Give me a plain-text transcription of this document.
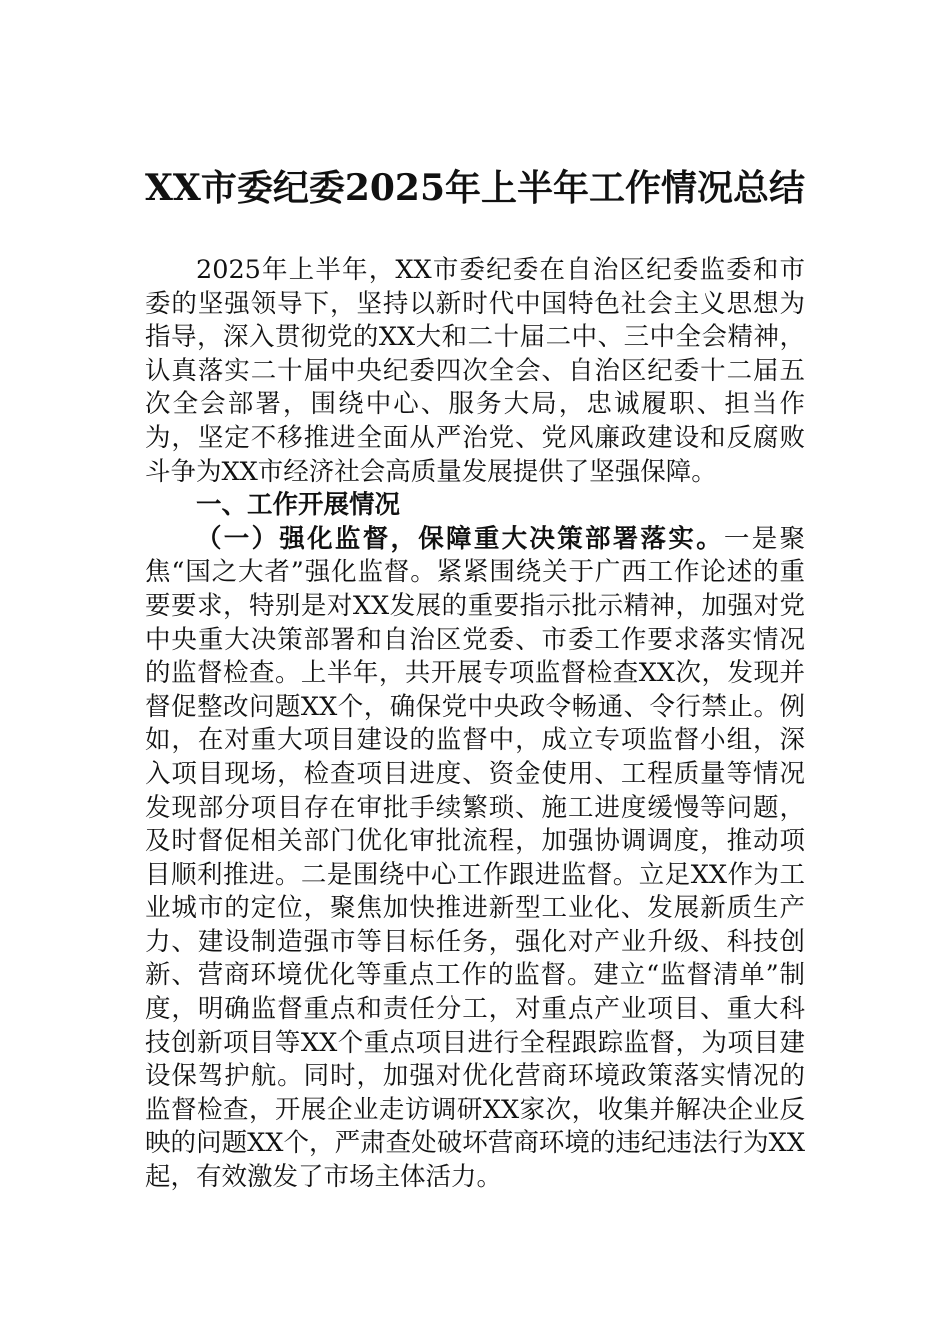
XX市委纪委2025年上半年工作情况总结

2025年上半年，XX市委纪委在自治区纪委监委和市委的坚强领导下，坚持以新时代中国特色社会主义思想为指导，深入贯彻党的XX大和二十届二中、三中全会精神，认真落实二十届中央纪委四次全会、自治区纪委十二届五次全会部署，围绕中心、服务大局，忠诚履职、担当作为，坚定不移推进全面从严治党、党风廉政建设和反腐败斗争为XX市经济社会高质量发展提供了坚强保障。

一、工作开展情况

（一）强化监督，保障重大决策部署落实。一是聚焦“国之大者”强化监督。紧紧围绕关于广西工作论述的重要要求，特别是对XX发展的重要指示批示精神，加强对党中央重大决策部署和自治区党委、市委工作要求落实情况的监督检查。上半年，共开展专项监督检查XX次，发现并督促整改问题XX个，确保党中央政令畅通、令行禁止。例如，在对重大项目建设的监督中，成立专项监督小组，深入项目现场，检查项目进度、资金使用、工程质量等情况发现部分项目存在审批手续繁琐、施工进度缓慢等问题，及时督促相关部门优化审批流程，加强协调调度，推动项目顺利推进。二是围绕中心工作跟进监督。立足XX作为工业城市的定位，聚焦加快推进新型工业化、发展新质生产力、建设制造强市等目标任务，强化对产业升级、科技创新、营商环境优化等重点工作的监督。建立“监督清单”制度，明确监督重点和责任分工，对重点产业项目、重大科技创新项目等XX个重点项目进行全程跟踪监督，为项目建设保驾护航。同时，加强对优化营商环境政策落实情况的监督检查，开展企业走访调研XX家次，收集并解决企业反映的问题XX个，严肃查处破坏营商环境的违纪违法行为XX起，有效激发了市场主体活力。
